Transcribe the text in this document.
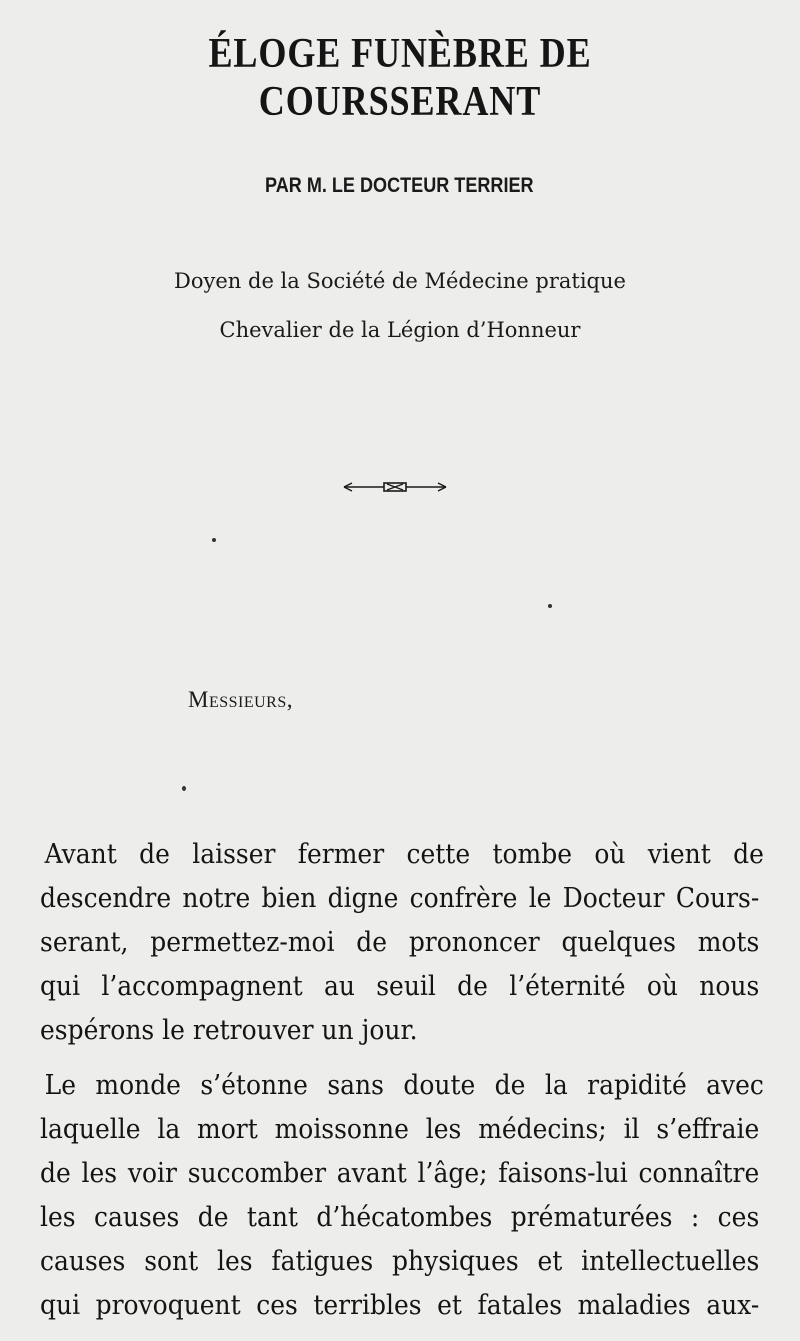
ÉLOGE FUNÈBRE DE COURSSERANT
PAR M. LE DOCTEUR TERRIER
Doyen de la Société de Médecine pratique
Chevalier de la Légion d’Honneur
Messieurs,
Avant de laisser fermer cette tombe où vient de
descendre notre bien digne confrère le Docteur Cours-
serant, permettez-moi de prononcer quelques mots
qui l’accompagnent au seuil de l’éternité où nous
espérons le retrouver un jour.
Le monde s’étonne sans doute de la rapidité avec
laquelle la mort moissonne les médecins; il s’effraie
de les voir succomber avant l’âge; faisons-lui connaître
les causes de tant d’hécatombes prématurées : ces
causes sont les fatigues physiques et intellectuelles
qui provoquent ces terribles et fatales maladies aux-
